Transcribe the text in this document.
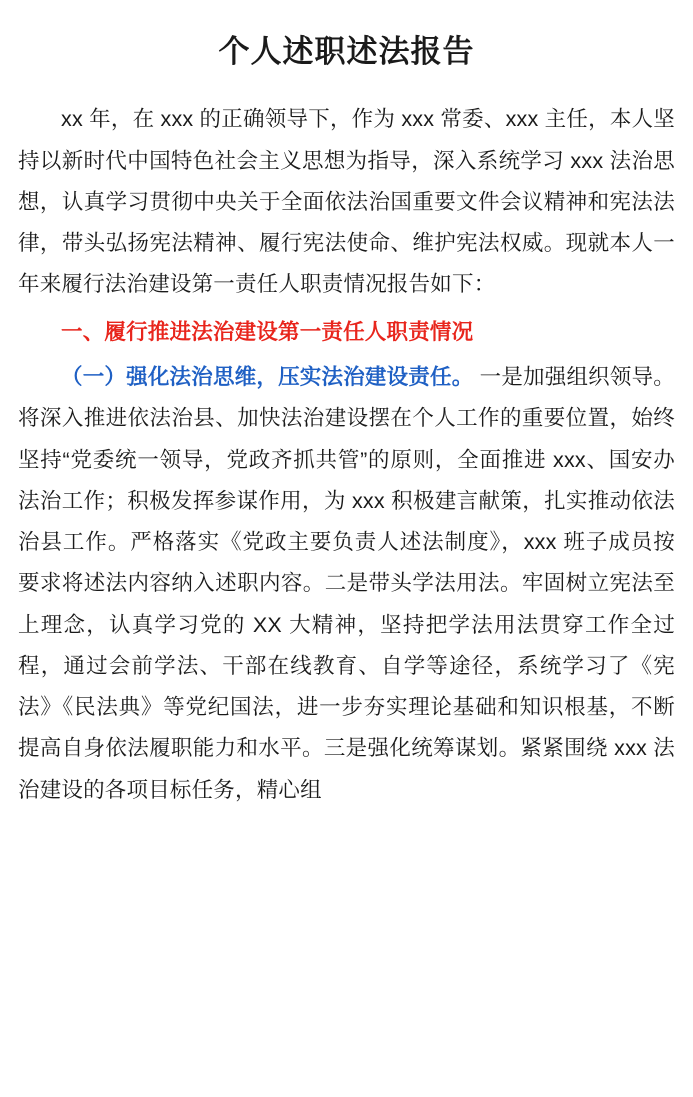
个人述职述法报告

xx 年，在 xxx 的正确领导下，作为 xxx 常委、xxx 主任，本人坚持以新时代中国特色社会主义思想为指导，深入系统学习 xxx 法治思想，认真学习贯彻中央关于全面依法治国重要文件会议精神和宪法法律，带头弘扬宪法精神、履行宪法使命、维护宪法权威。现就本人一年来履行法治建设第一责任人职责情况报告如下：

一、履行推进法治建设第一责任人职责情况

（一）强化法治思维，压实法治建设责任。 一是加强组织领导。将深入推进依法治县、加快法治建设摆在个人工作的重要位置，始终坚持“党委统一领导，党政齐抓共管”的原则，全面推进 xxx、国安办法治工作；积极发挥参谋作用，为 xxx 积极建言献策，扎实推动依法治县工作。严格落实《党政主要负责人述法制度》，xxx 班子成员按要求将述法内容纳入述职内容。二是带头学法用法。牢固树立宪法至上理念，认真学习党的 XX 大精神，坚持把学法用法贯穿工作全过程，通过会前学法、干部在线教育、自学等途径，系统学习了《宪法》《民法典》等党纪国法，进一步夯实理论基础和知识根基，不断提高自身依法履职能力和水平。三是强化统筹谋划。紧紧围绕 xxx 法治建设的各项目标任务，精心组
